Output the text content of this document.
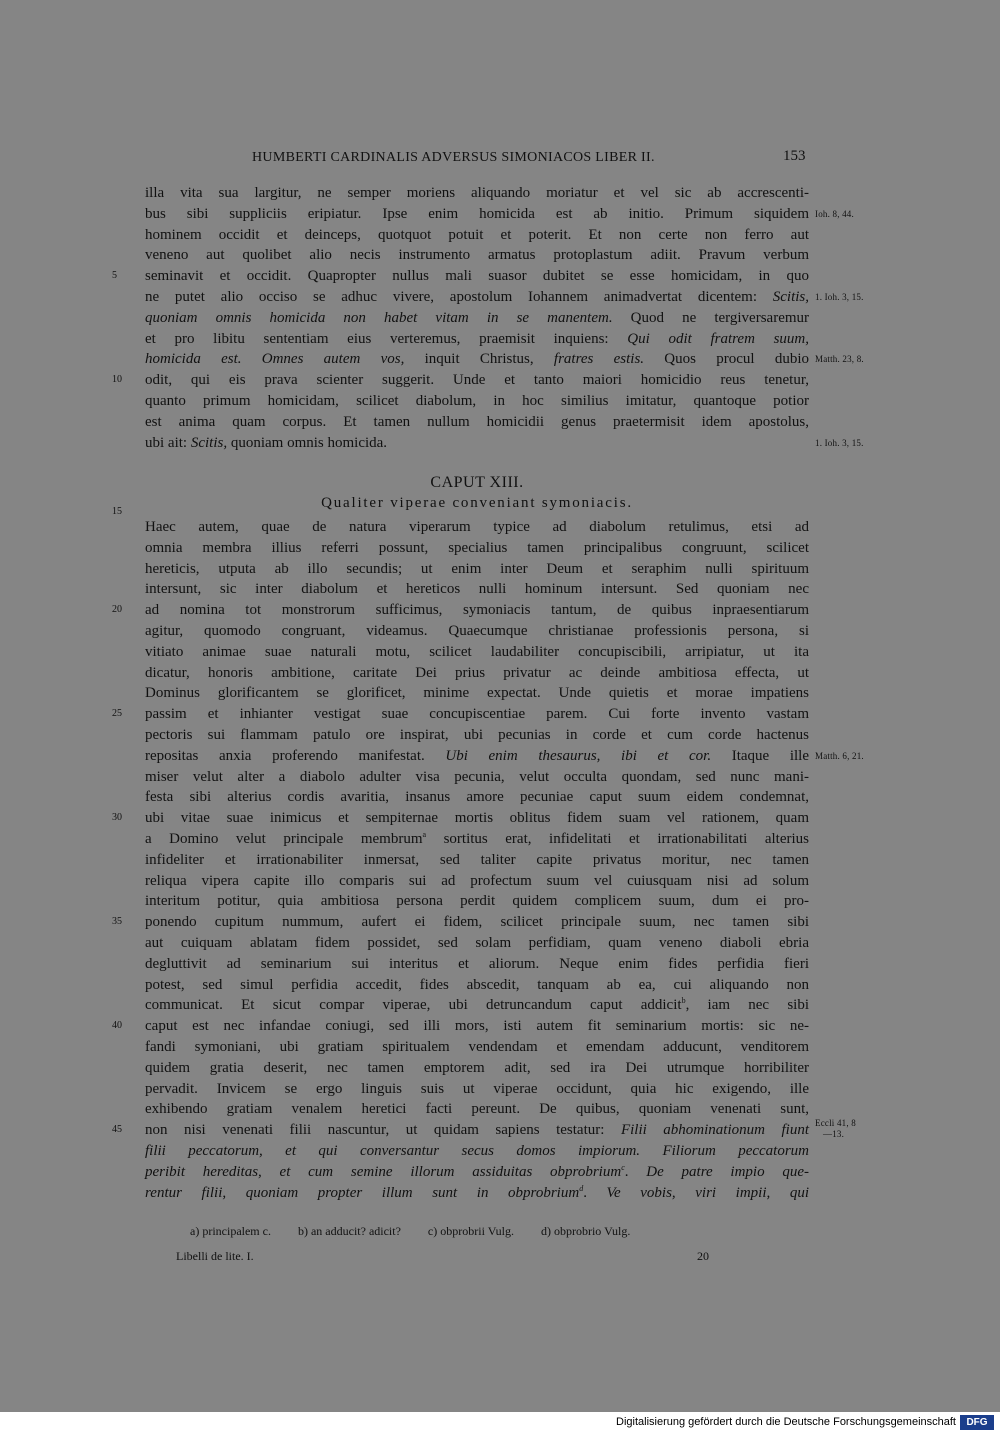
HUMBERTI CARDINALIS ADVERSUS SIMONIACOS LIBER II.	153
illa vita sua largitur, ne semper moriens aliquando moriatur et vel sic ab accrescenti-
bus sibi suppliciis eripiatur. Ipse enim homicida est ab initio. Primum siquidem Ioh. 8, 44.
hominem occidit et deinceps, quotquot potuit et poterit. Et non certe non ferro aut
veneno aut quolibet alio necis instrumento armatus protoplastum adiit. Pravum verbum
seminavit et occidit. Quapropter nullus mali suasor dubitet se esse homicidam, in quo
5
ne putet alio occiso se adhuc vivere, apostolum Iohannem animadvertat dicentem: Scitis, 1. Ioh. 3, 15.
quoniam omnis homicida non habet vitam in se manentem. Quod ne tergiversaremur
et pro libitu sententiam eius verteremus, praemisit inquiens: Qui odit fratrem suum,
homicida est. Omnes autem vos, inquit Christus, fratres estis. Quos procul dubio Matth. 23, 8.
odit, qui eis prava scienter suggerit. Unde et tanto maiori homicidio reus tenetur,
10
quanto primum homicidam, scilicet diabolum, in hoc similius imitatur, quantoque potior
est anima quam corpus. Et tamen nullum homicidii genus praetermisit idem apostolus,
ubi ait: Scitis, quoniam omnis homicida.	1. Ioh. 3, 15.
Haec autem, quae de natura viperarum typice ad diabolum retulimus, etsi ad
omnia membra illius referri possunt, specialius tamen principalibus congruunt, scilicet
hereticis, utputa ab illo secundis; ut enim inter Deum et seraphim nulli spirituum
intersunt, sic inter diabolum et hereticos nulli hominum intersunt. Sed quoniam nec
ad nomina tot monstrorum sufficimus, symoniacis tantum, de quibus inpraesentiarum
20
agitur, quomodo congruant, videamus. Quaecumque christianae professionis persona, si
vitiato animae suae naturali motu, scilicet laudabiliter concupiscibili, arripiatur, ut ita
dicatur, honoris ambitione, caritate Dei prius privatur ac deinde ambitiosa effecta, ut
Dominus glorificantem se glorificet, minime expectat. Unde quietis et morae impatiens
passim et inhianter vestigat suae concupiscentiae parem. Cui forte invento vastam
25
pectoris sui flammam patulo ore inspirat, ubi pecunias in corde et cum corde hactenus
repositas anxia proferendo manifestat. Ubi enim thesaurus, ibi et cor. Itaque ille Matth. 6, 21.
miser velut alter a diabolo adulter visa pecunia, velut occulta quondam, sed nunc mani-
festa sibi alterius cordis avaritia, insanus amore pecuniae caput suum eidem condemnat,
ubi vitae suae inimicus et sempiternae mortis oblitus fidem suam vel rationem, quam
30
a Domino velut principale membrum$^a$ sortitus erat, infidelitati et irrationabilitati alterius
infideliter et irrationabiliter inmersat, sed taliter capite privatus moritur, nec tamen
reliqua vipera capite illo comparis sui ad profectum suum vel cuiusquam nisi ad solum
interitum potitur, quia ambitiosa persona perdit quidem complicem suum, dum ei pro-
ponendo cupitum nummum, aufert ei fidem, scilicet principale suum, nec tamen sibi
35
aut cuiquam ablatam fidem possidet, sed solam perfidiam, quam veneno diaboli ebria
degluttivit ad seminarium sui interitus et aliorum. Neque enim fides perfidia fieri
potest, sed simul perfidia accedit, fides abscedit, tanquam ab ea, cui aliquando non
communicat. Et sicut compar viperae, ubi detruncandum caput addicit$^b$, iam nec sibi
caput est nec infandae coniugi, sed illi mors, isti autem fit seminarium mortis: sic ne-
40
fandi symoniani, ubi gratiam spiritualem vendendam et emendam adducunt, venditorem
quidem gratia deserit, nec tamen emptorem adit, sed ira Dei utrumque horribiliter
pervadit. Invicem se ergo linguis suis ut viperae occidunt, quia hic exigendo, ille
exhibendo gratiam venalem heretici facti pereunt. De quibus, quoniam venenati sunt,
non nisi venenati filii nascuntur, ut quidam sapiens testatur: Filii abhominationum fiunt
45
filii peccatorum, et qui conversantur secus domos impiorum. Filiorum peccatorum
peribit hereditas, et cum semine illorum assiduitas obprobrium$^c$. De patre impio que-
rentur filii, quoniam propter illum sunt in obprobrium$^d$. Ve vobis, viri impii, qui
15
CAPUT XIII.
Qualiter viperae conveniant symoniacis.
Eccli 41, 8
—13.
a) principalem c. b) an adducit? adicit? c) obprobrii Vulg. d) obprobrio Vulg.
Libelli de lite. I.	20
Digitalisierung gefördert durch die Deutsche Forschungsgemeinschaft	DFG
